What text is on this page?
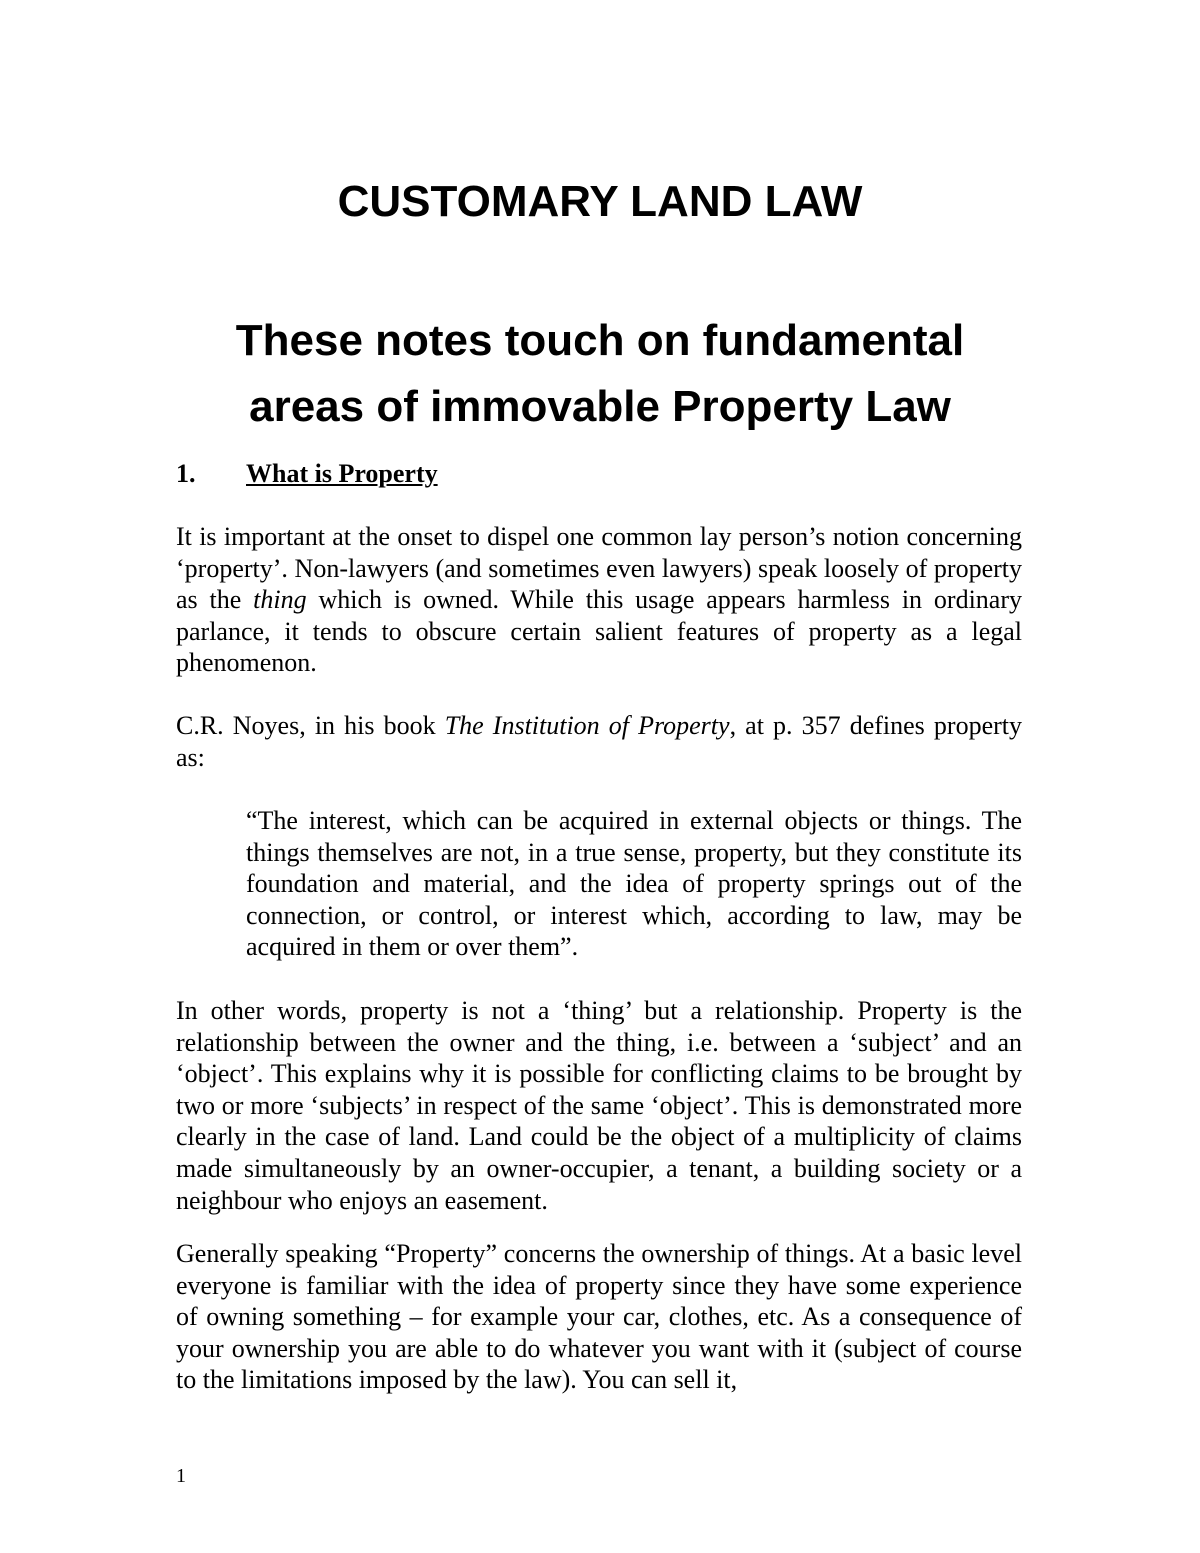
CUSTOMARY LAND LAW
These notes touch on fundamental
areas of immovable Property Law

1. What is Property

It is important at the onset to dispel one common lay person’s notion concerning ‘property’. Non-lawyers (and sometimes even lawyers) speak loosely of property as the thing which is owned. While this usage appears harmless in ordinary parlance, it tends to obscure certain salient features of property as a legal phenomenon.

C.R. Noyes, in his book The Institution of Property, at p. 357 defines property as:

“The interest, which can be acquired in external objects or things. The things themselves are not, in a true sense, property, but they constitute its foundation and material, and the idea of property springs out of the connection, or control, or interest which, according to law, may be acquired in them or over them”.

In other words, property is not a ‘thing’ but a relationship. Property is the relationship between the owner and the thing, i.e. between a ‘subject’ and an ‘object’. This explains why it is possible for conflicting claims to be brought by two or more ‘subjects’ in respect of the same ‘object’. This is demonstrated more clearly in the case of land. Land could be the object of a multiplicity of claims made simultaneously by an owner-occupier, a tenant, a building society or a neighbour who enjoys an easement.

Generally speaking “Property” concerns the ownership of things. At a basic level everyone is familiar with the idea of property since they have some experience of owning something – for example your car, clothes, etc. As a consequence of your ownership you are able to do whatever you want with it (subject of course to the limitations imposed by the law). You can sell it,

1
